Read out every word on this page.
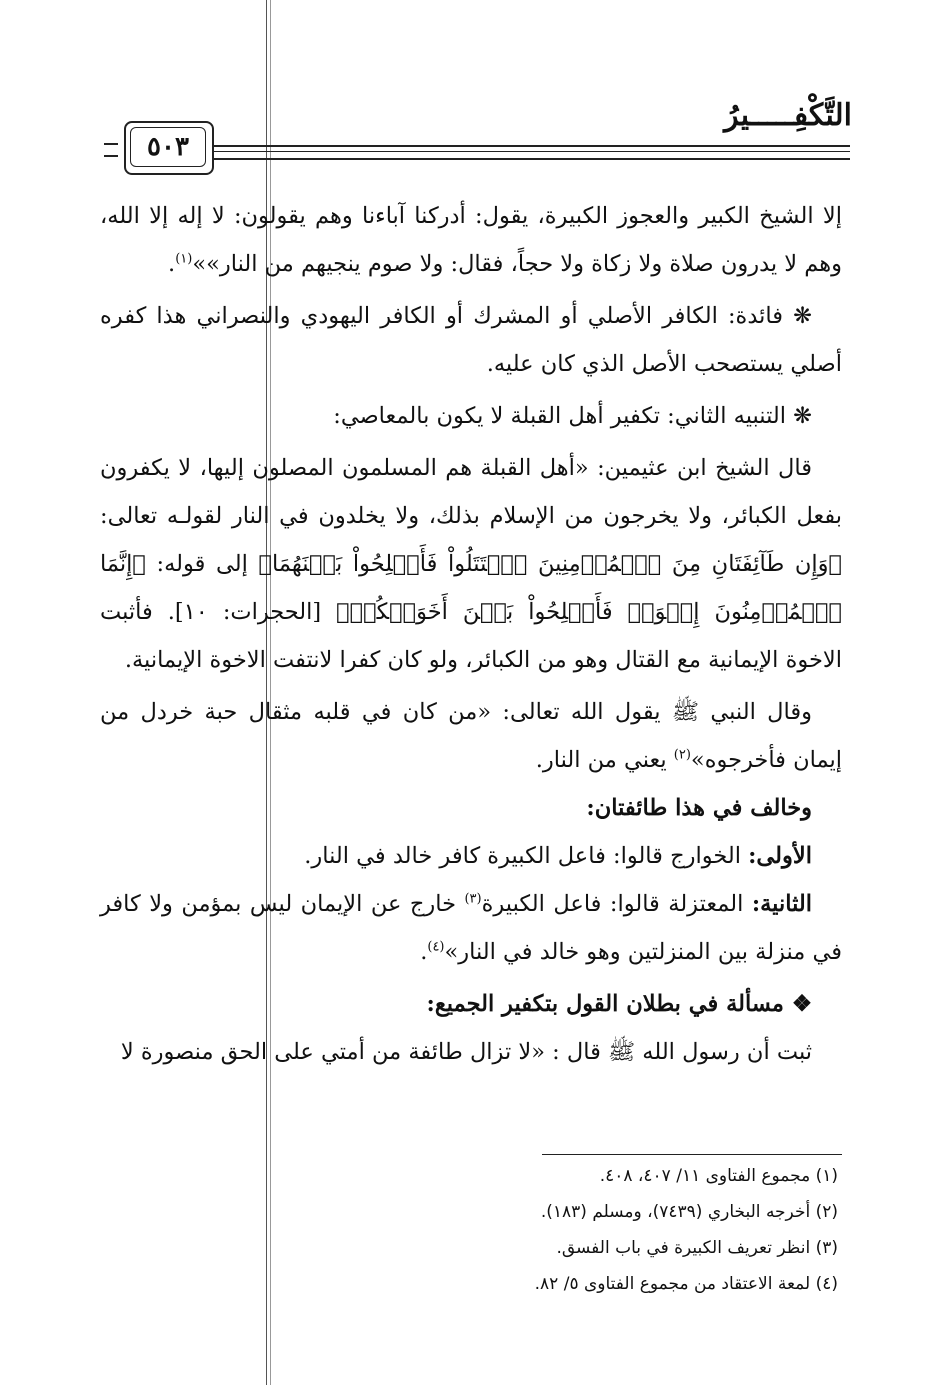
التَّكْفِـــــيرُ
٥٠٣

إلا الشيخ الكبير والعجوز الكبيرة، يقول: أدركنا آباءنا وهم يقولون: لا إله إلا الله، وهم لا يدرون صلاة ولا زكاة ولا حجاً، فقال: ولا صوم ينجيهم من النار»»$^{(١)}$.

❋ فائدة: الكافر الأصلي أو المشرك أو الكافر اليهودي والنصراني هذا كفره أصلي يستصحب الأصل الذي كان عليه.

❋ التنبيه الثاني: تكفير أهل القبلة لا يكون بالمعاصي:

قال الشيخ ابن عثيمين: «أهل القبلة هم المسلمون المصلون إليها، لا يكفرون بفعل الكبائر، ولا يخرجون من الإسلام بذلك، ولا يخلدون في النار لقولـه تعالى: ﴿وَإِن طَآئِفَتَانِ مِنَ ٱلۡمُؤۡمِنِينَ ٱقۡتَتَلُواْ فَأَصۡلِحُواْ بَيۡنَهُمَا﴾ إلى قوله: ﴿إِنَّمَا ٱلۡمُؤۡمِنُونَ إِخۡوَةٞ فَأَصۡلِحُواْ بَيۡنَ أَخَوَيۡكُمۡ﴾ [الحجرات: ١٠]. فأثبت الاخوة الإيمانية مع القتال وهو من الكبائر، ولو كان كفرا لانتفت الاخوة الإيمانية.

وقال النبي ﷺ يقول الله تعالى: «من كان في قلبه مثقال حبة خردل من إيمان فأخرجوه»$^{(٢)}$ يعني من النار.

وخالف في هذا طائفتان:

الأولى: الخوارج قالوا: فاعل الكبيرة كافر خالد في النار.

الثانية: المعتزلة قالوا: فاعل الكبيرة$^{(٣)}$ خارج عن الإيمان ليس بمؤمن ولا كافر في منزلة بين المنزلتين وهو خالد في النار»$^{(٤)}$.

❖ مسألة في بطلان القول بتكفير الجميع:

ثبت أن رسول الله ﷺ قال : «لا تزال طائفة من أمتي على الحق منصورة لا

(١) مجموع الفتاوى ١١/ ٤٠٧، ٤٠٨.
(٢) أخرجه البخاري (٧٤٣٩)، ومسلم (١٨٣).
(٣) انظر تعريف الكبيرة في باب الفسق.
(٤) لمعة الاعتقاد من مجموع الفتاوى ٥/ ٨٢.
